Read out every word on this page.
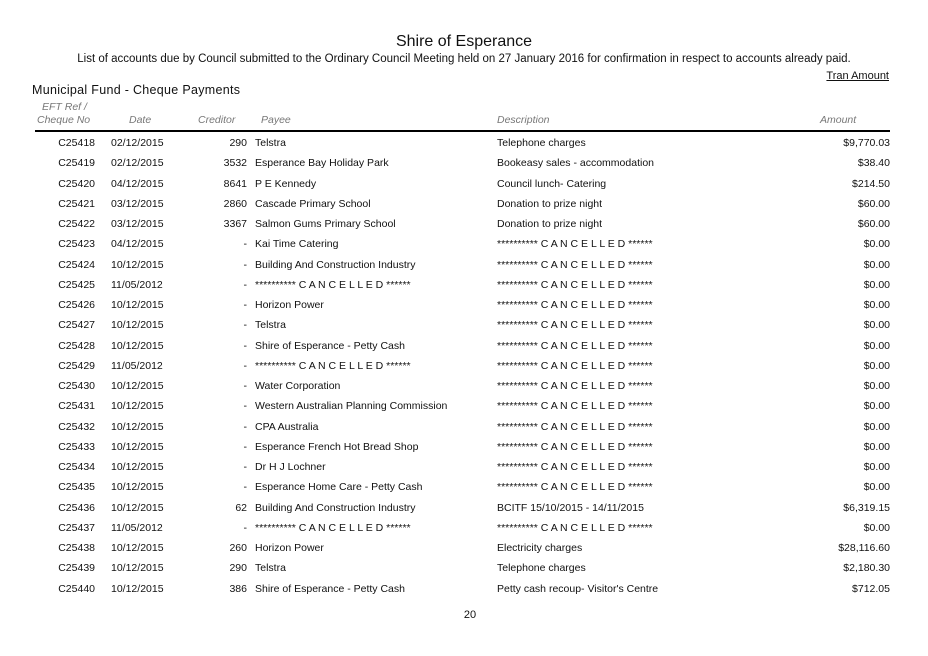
Shire of Esperance
List of accounts due by Council submitted to the Ordinary Council Meeting held on 27 January 2016 for confirmation in respect to accounts already paid.
Tran Amount
Municipal Fund - Cheque Payments
EFT Ref /
Cheque No	Date	Creditor Payee	Description	Amount
C25418 02/12/2015	290 Telstra	Telephone charges	$9,770.03
C25419 02/12/2015	3532 Esperance Bay Holiday Park	Bookeasy sales - accommodation	$38.40
C25420 04/12/2015	8641 P E Kennedy	Council lunch- Catering	$214.50
C25421 03/12/2015	2860 Cascade Primary School	Donation to prize night	$60.00
C25422 03/12/2015	3367 Salmon Gums Primary School	Donation to prize night	$60.00
C25423 04/12/2015	- Kai Time Catering	********** C A N C E L L E D ******	$0.00
C25424 10/12/2015	- Building And Construction Industry	********** C A N C E L L E D ******	$0.00
C25425 11/05/2012	- ********** C A N C E L L E D ******	********** C A N C E L L E D ******	$0.00
C25426 10/12/2015	- Horizon Power	********** C A N C E L L E D ******	$0.00
C25427 10/12/2015	- Telstra	********** C A N C E L L E D ******	$0.00
C25428 10/12/2015	- Shire of Esperance - Petty Cash	********** C A N C E L L E D ******	$0.00
C25429 11/05/2012	- ********** C A N C E L L E D ******	********** C A N C E L L E D ******	$0.00
C25430 10/12/2015	- Water Corporation	********** C A N C E L L E D ******	$0.00
C25431 10/12/2015	- Western Australian Planning Commission	********** C A N C E L L E D ******	$0.00
C25432 10/12/2015	- CPA Australia	********** C A N C E L L E D ******	$0.00
C25433 10/12/2015	- Esperance French Hot Bread Shop	********** C A N C E L L E D ******	$0.00
C25434 10/12/2015	- Dr H J Lochner	********** C A N C E L L E D ******	$0.00
C25435 10/12/2015	- Esperance Home Care - Petty Cash	********** C A N C E L L E D ******	$0.00
C25436 10/12/2015	62 Building And Construction Industry	BCITF 15/10/2015 - 14/11/2015	$6,319.15
C25437 11/05/2012	- ********** C A N C E L L E D ******	********** C A N C E L L E D ******	$0.00
C25438 10/12/2015	260 Horizon Power	Electricity charges	$28,116.60
C25439 10/12/2015	290 Telstra	Telephone charges	$2,180.30
C25440 10/12/2015	386 Shire of Esperance - Petty Cash	Petty cash recoup- Visitor's Centre	$712.05
20
